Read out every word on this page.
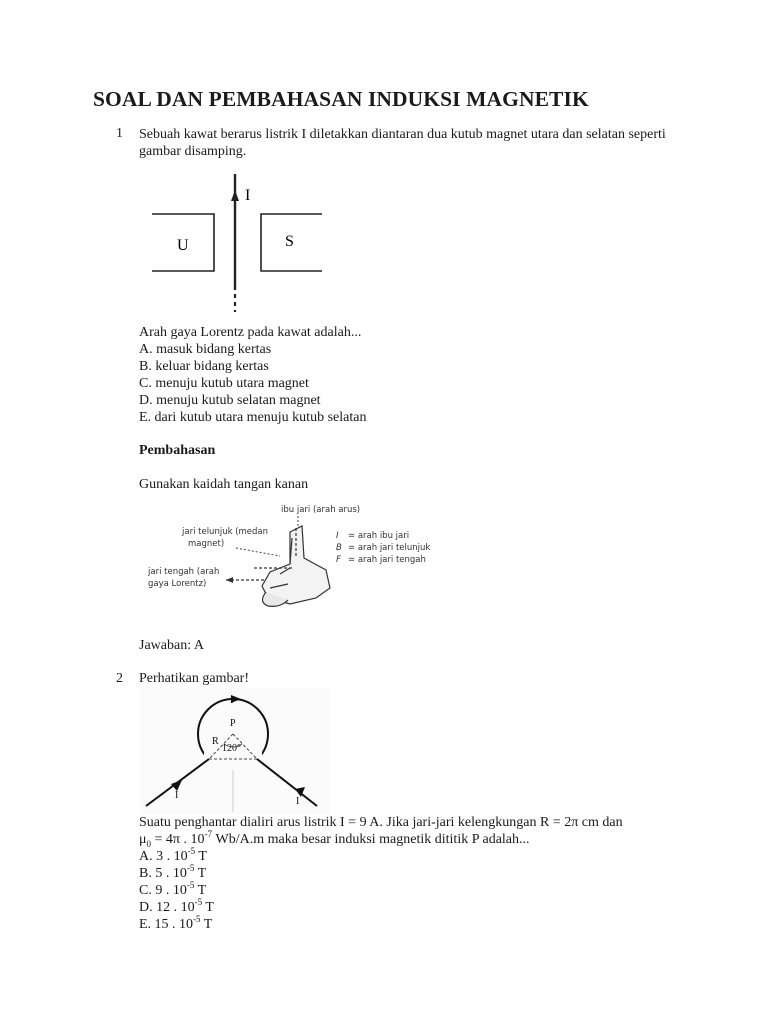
SOAL DAN PEMBAHASAN INDUKSI MAGNETIK
1 Sebuah kawat berarus listrik I diletakkan diantaran dua kutub magnet utara dan selatan seperti gambar disamping.
I
U	S
Arah gaya Lorentz pada kawat adalah...
A. masuk bidang kertas
B. keluar bidang kertas
C. menuju kutub utara magnet
D. menuju kutub selatan magnet
E. dari kutub utara menuju kutub selatan
Pembahasan
Gunakan kaidah tangan kanan
ibu jari (arah arus)
jari telunjuk (medan
magnet)
jari tengah (arah
gaya Lorentz)
I = arah ibu jari
B = arah jari telunjuk
F = arah jari tengah
Jawaban: A
2 Perhatikan gambar!
I
P
R
120°
I
I
Suatu penghantar dialiri arus listrik I = 9 A. Jika jari-jari kelengkungan R = 2π cm dan
$\mu_0 = 4\pi$ . $10^{-7}$ Wb/A.m maka besar induksi magnetik dititik P adalah...
A. 3 . $10^{-5}$ T
B. 5 . $10^{-5}$ T
C. 9 . $10^{-5}$ T
D. 12 . $10^{-5}$ T
E. 15 . $10^{-5}$ T
